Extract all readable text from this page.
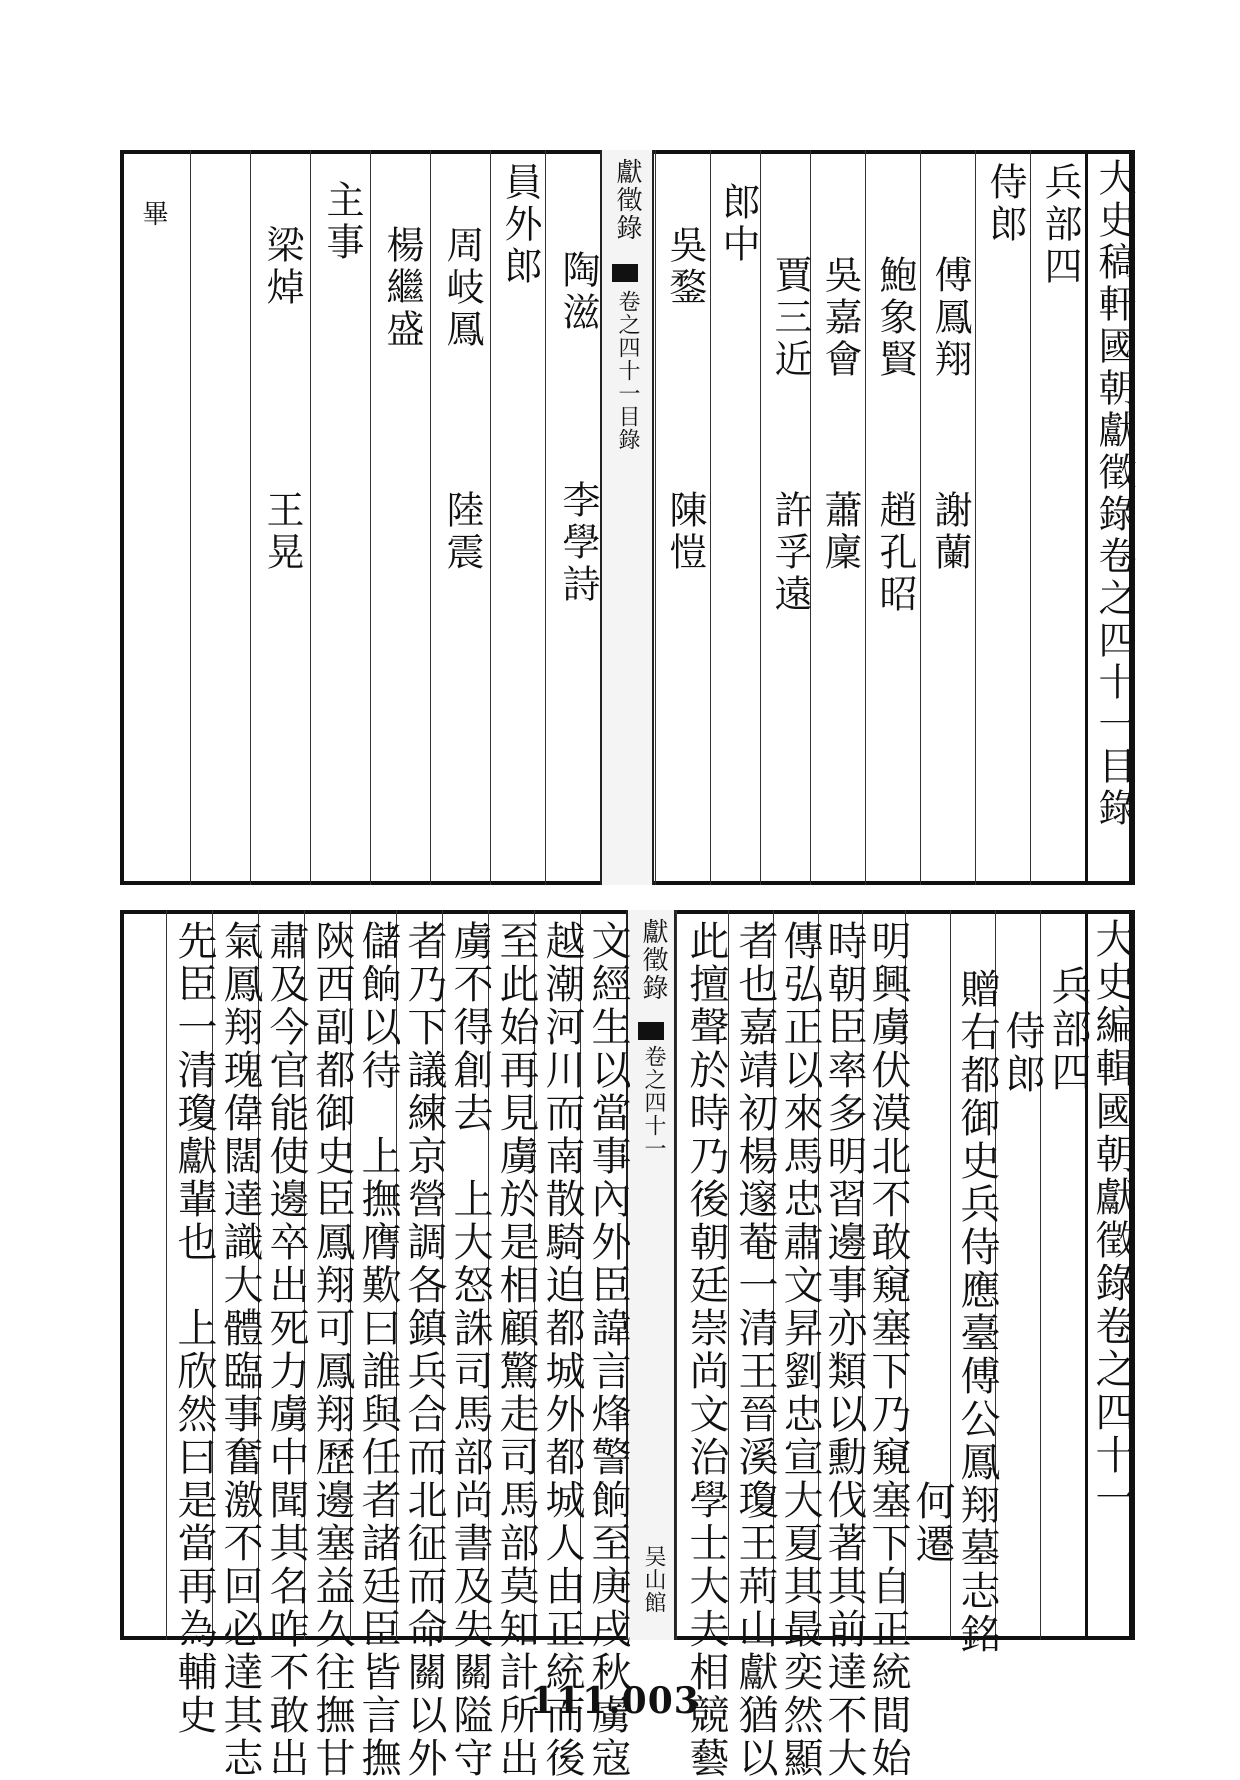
大史稿軒國朝獻徵錄卷之四十一目錄
兵部四
侍郎
傅鳳翔
謝蘭
鮑象賢
趙孔昭
吳嘉會
蕭廩
賈三近
許孚遠
郎中
吳鍪
陳愷
陶滋
李學詩
獻徵錄
卷之四十一目錄
員外郎
周岐鳳
陸震
楊繼盛
主事
梁焯
王晃
畢
大史編輯國朝獻徵錄卷之四十一
兵部四
侍郎
贈右都御史兵侍應臺傅公鳳翔墓志銘
何遷
明興虜伏漠北不敢窺塞下乃窺塞下自正統間始
時朝臣率多明習邊事亦類以勳伐著其前達不大
傳弘正以來馬忠肅文昇劉忠宣大夏其最奕然顯
者也嘉靖初楊邃菴一清王晉溪瓊王荊山獻猶以
此擅聲於時乃後朝廷崇尚文治學士大夫相競藝
獻徵錄
卷之四十一
吴山館
文經生以當事內外臣諱言烽警餉至庚戌秋虜寇
越潮河川而南散騎迫都城外都城人由正統而後
至此始再見虜於是相顧驚走司馬部莫知計所出
虜不得創去　上大怒誅司馬部尚書及失關隘守
者乃下議練京營調各鎮兵合而北征而命關以外
儲餉以待　上撫膺歎曰誰與任者諸廷臣皆言撫
陝西副都御史臣鳳翔可鳳翔歷邊塞益久往撫甘
肅及今官能使邊卒出死力虜中聞其名咋不敢出
氣鳳翔瑰偉闊達識大體臨事奮激不回必達其志
先臣一清瓊獻輩也　上欣然曰是當再為輔史	111.003
